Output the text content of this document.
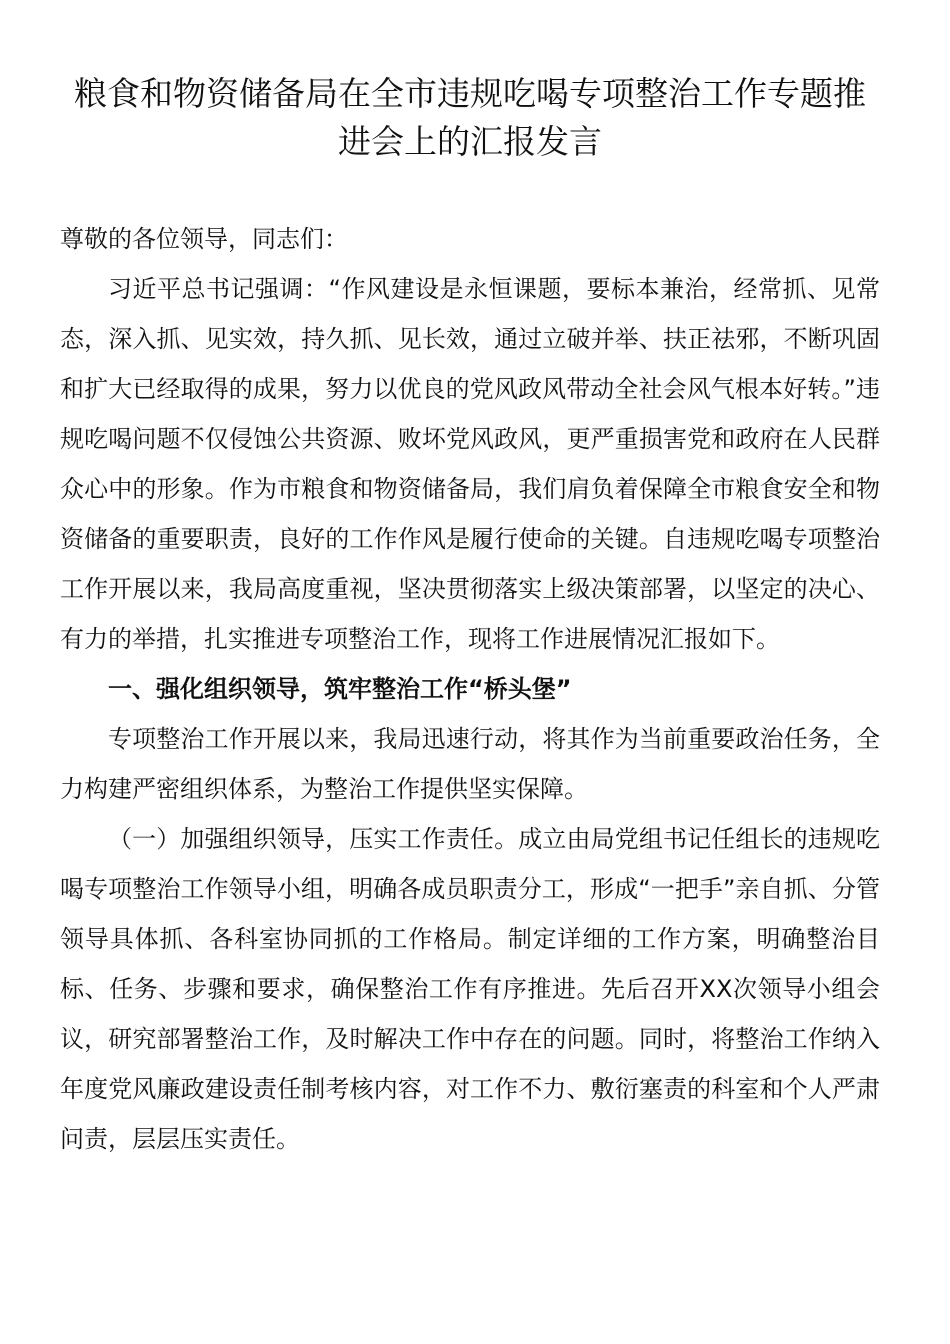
粮食和物资储备局在全市违规吃喝专项整治工作专题推进会上的汇报发言

尊敬的各位领导，同志们：

习近平总书记强调：“作风建设是永恒课题，要标本兼治，经常抓、见常态，深入抓、见实效，持久抓、见长效，通过立破并举、扶正祛邪，不断巩固和扩大已经取得的成果，努力以优良的党风政风带动全社会风气根本好转。”违规吃喝问题不仅侵蚀公共资源、败坏党风政风，更严重损害党和政府在人民群众心中的形象。作为市粮食和物资储备局，我们肩负着保障全市粮食安全和物资储备的重要职责，良好的工作作风是履行使命的关键。自违规吃喝专项整治工作开展以来，我局高度重视，坚决贯彻落实上级决策部署，以坚定的决心、有力的举措，扎实推进专项整治工作，现将工作进展情况汇报如下。

一、强化组织领导，筑牢整治工作“桥头堡”

专项整治工作开展以来，我局迅速行动，将其作为当前重要政治任务，全力构建严密组织体系，为整治工作提供坚实保障。

（一）加强组织领导，压实工作责任。成立由局党组书记任组长的违规吃喝专项整治工作领导小组，明确各成员职责分工，形成“一把手”亲自抓、分管领导具体抓、各科室协同抓的工作格局。制定详细的工作方案，明确整治目标、任务、步骤和要求，确保整治工作有序推进。先后召开XX次领导小组会议，研究部署整治工作，及时解决工作中存在的问题。同时，将整治工作纳入年度党风廉政建设责任制考核内容，对工作不力、敷衍塞责的科室和个人严肃问责，层层压实责任。
